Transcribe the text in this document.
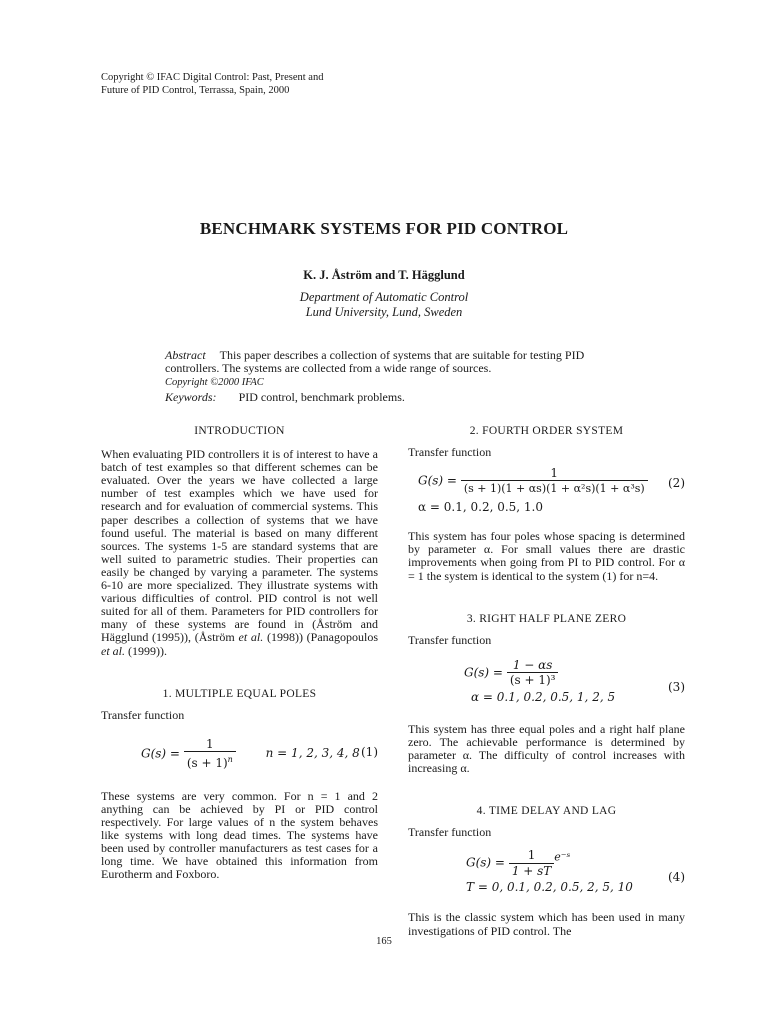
Copyright © IFAC Digital Control: Past, Present and
Future of PID Control, Terrassa, Spain, 2000
BENCHMARK SYSTEMS FOR PID CONTROL
K. J. Åström and T. Hägglund
Department of Automatic Control
Lund University, Lund, Sweden
Abstract This paper describes a collection of systems that are suitable for testing PID controllers. The systems are collected from a wide range of sources.
Copyright ©2000 IFAC
Keywords: PID control, benchmark problems.
INTRODUCTION

When evaluating PID controllers it is of interest to have a batch of test examples so that different schemes can be evaluated. Over the years we have collected a large number of test examples which we have used for research and for evaluation of commercial systems. This paper describes a collection of systems that we have found useful. The material is based on many different sources. The systems 1-5 are standard systems that are well suited to parametric studies. Their properties can easily be changed by varying a parameter. The systems 6-10 are more specialized. They illustrate systems with various difficulties of control. PID control is not well suited for all of them. Parameters for PID controllers for many of these systems are found in (Åström and Hägglund (1995)), (Åström et al. (1998)) (Panagopoulos et al. (1999)).

1. MULTIPLE EQUAL POLES
Transfer function
$G(s) = \frac{1}{(s + 1)^n}$ n = 1, 2, 3, 4, 8 (1)

These systems are very common. For n = 1 and 2 anything can be achieved by PI or PID control respectively. For large values of n the system behaves like systems with long dead times. The systems have been used by controller manufacturers as test cases for a long time. We have obtained this information from Eurotherm and Foxboro.

2. FOURTH ORDER SYSTEM
Transfer function
$G(s) = \frac{1}{\text{(s + 1)(1 + αs)(1 + α²s)(1 + α³s)}} (2)$
α = 0.1, 0.2, 0.5, 1.0

This system has four poles whose spacing is determined by parameter α. For small values there are drastic improvements when going from PI to PID control. For α = 1 the system is identical to the system (1) for n=4.

3. RIGHT HALF PLANE ZERO
Transfer function
$G(s) = \frac{1 - \alpha s}{\text{(s + 1)³}}$
α = 0.1, 0.2, 0.5, 1, 2, 5
(3)

This system has three equal poles and a right half plane zero. The achievable performance is determined by parameter α. The difficulty of control increases with increasing α.

4. TIME DELAY AND LAG
Transfer function
$G(s) = \frac{1}{1 + sT}$ e⁻ˢ
T = 0, 0.1, 0.2, 0.5, 2, 5, 10
(4)

This is the classic system which has been used in many investigations of PID control. The

165
